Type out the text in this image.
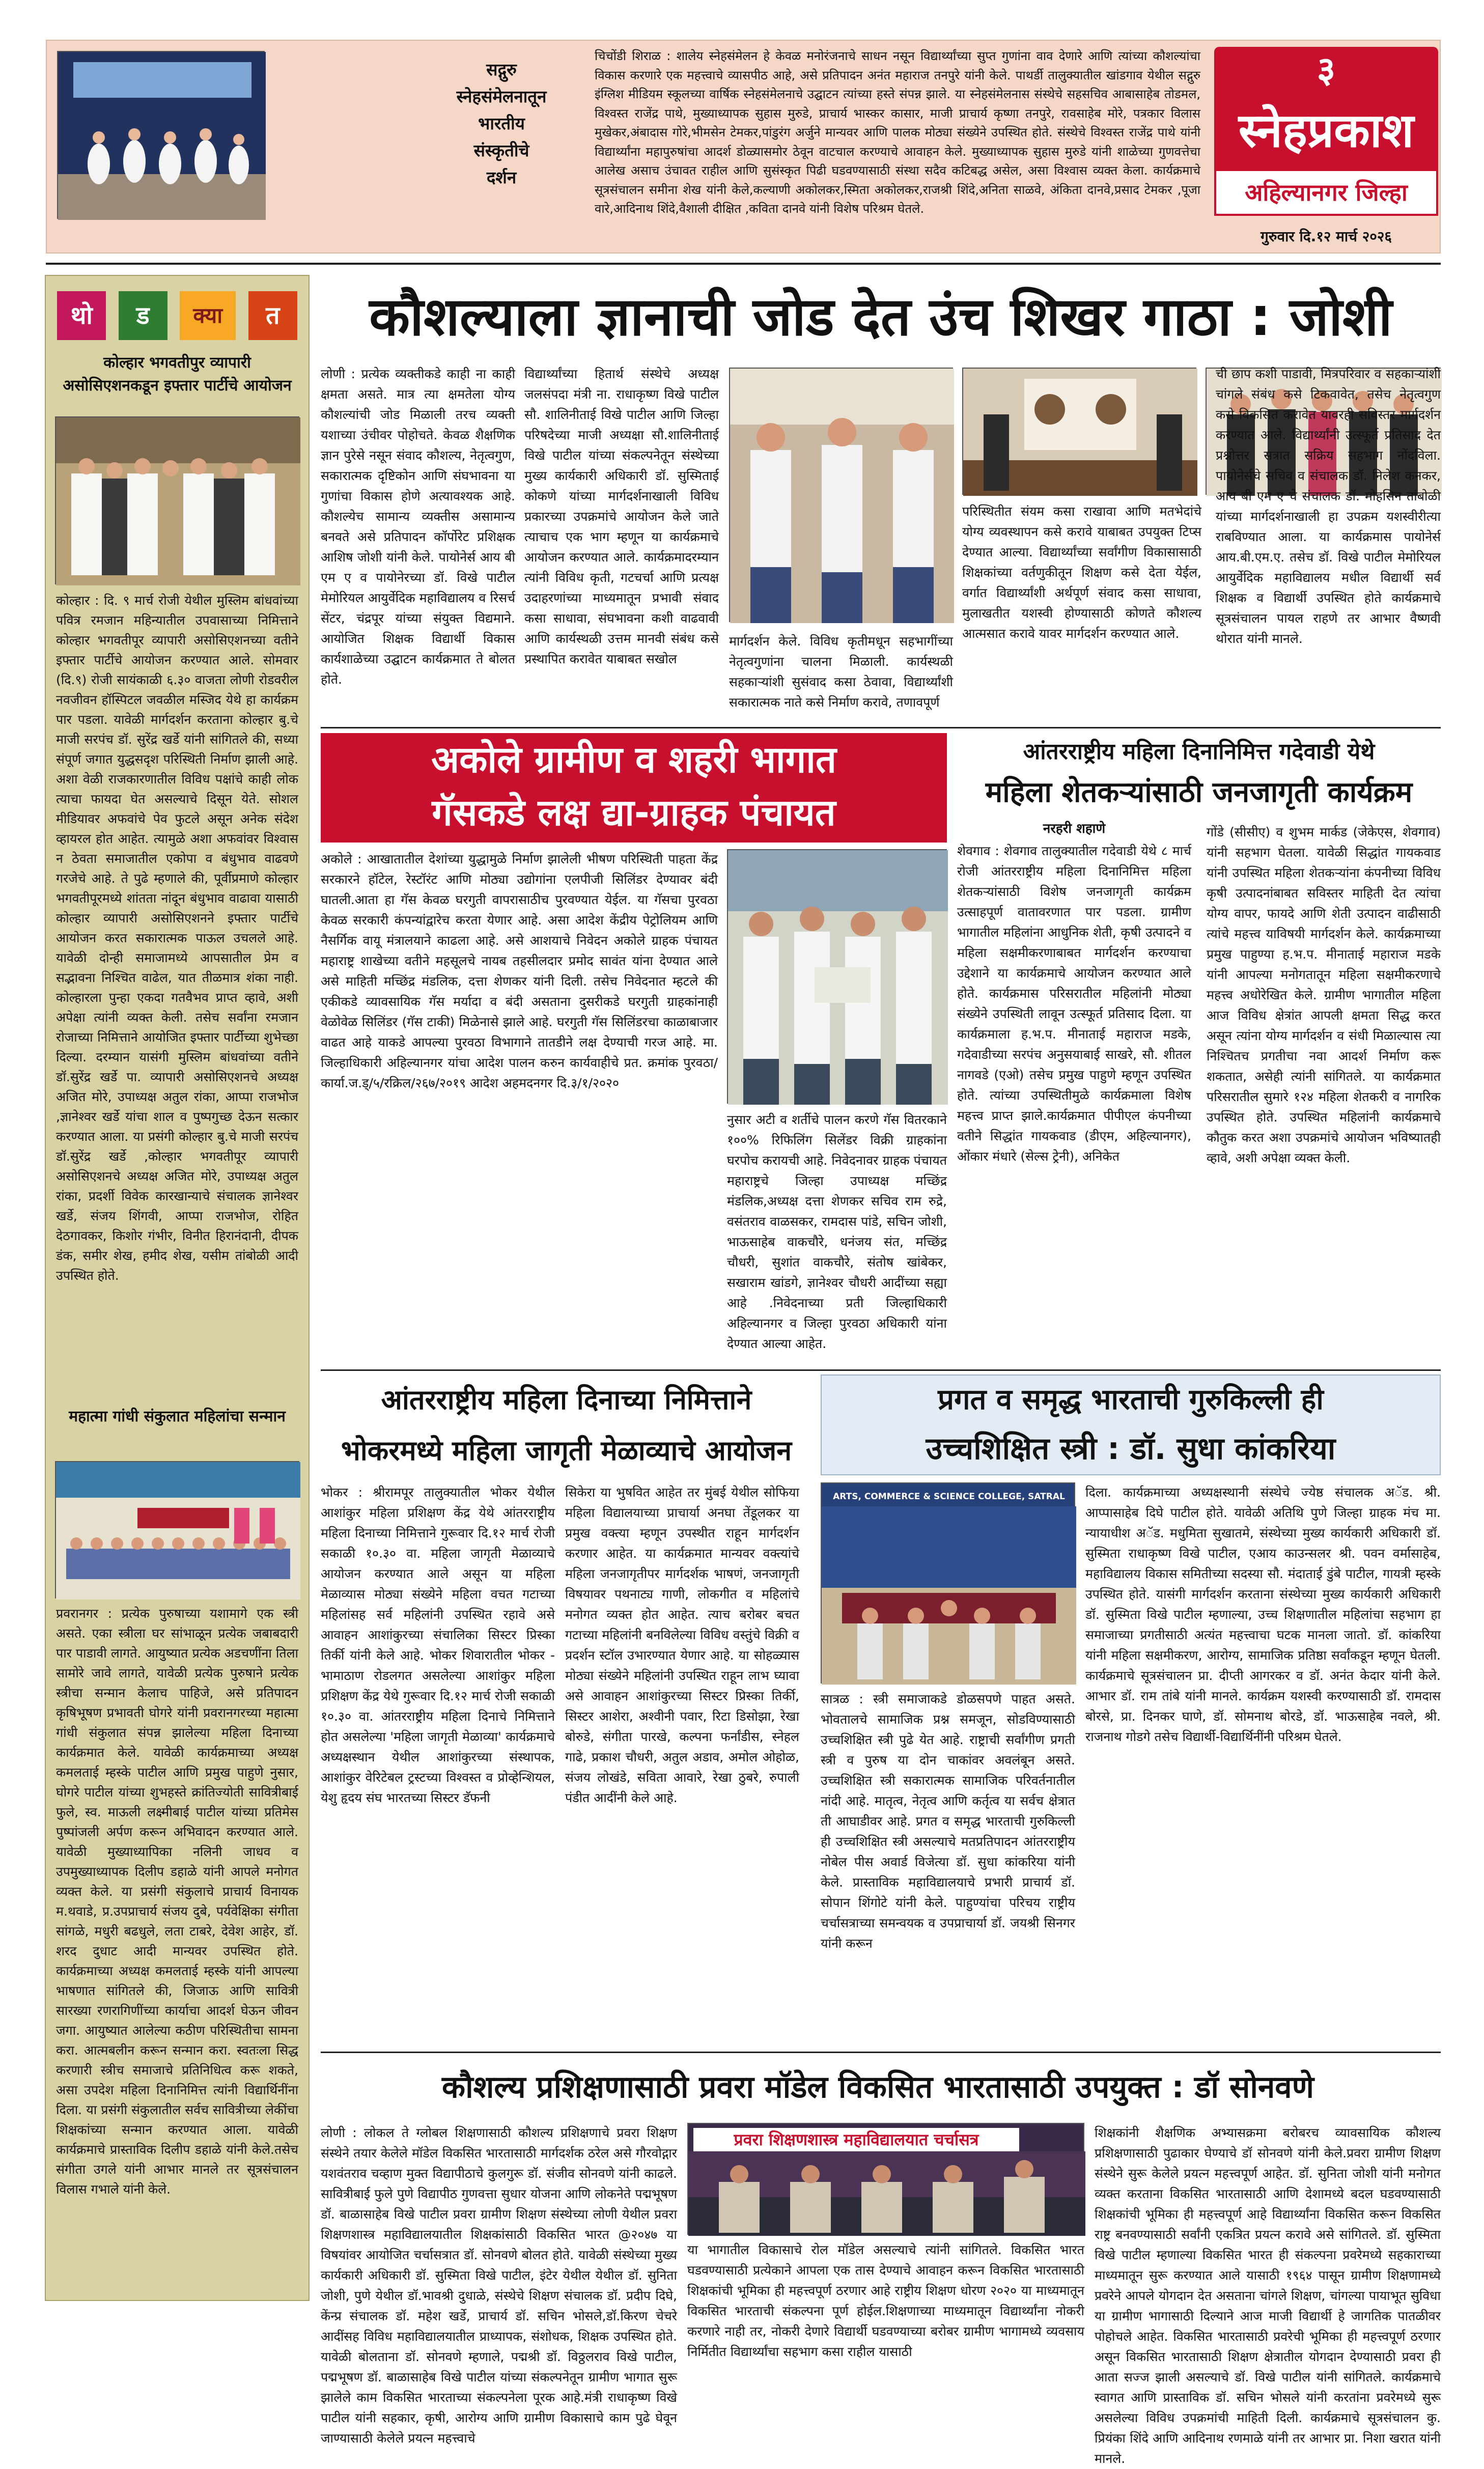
सद्गुरु
स्नेहसंमेलनातून
भारतीय
संस्कृतीचे
दर्शन
चिचोंडी शिराळ : शालेय स्नेहसंमेलन हे केवळ मनोरंजनाचे साधन नसून विद्यार्थ्यांच्या सुप्त गुणांना वाव देणारे आणि त्यांच्या कौशल्यांचा विकास करणारे एक महत्त्वाचे व्यासपीठ आहे, असे प्रतिपादन अनंत महाराज तनपुरे यांनी केले. पाथर्डी तालुक्यातील खांडगाव येथील सद्गुरु इंग्लिश मीडियम स्कूलच्या वार्षिक स्नेहसंमेलनाचे उद्घाटन त्यांच्या हस्ते संपन्न झाले. या स्नेहसंमेलनास संस्थेचे सहसचिव आबासाहेब तोडमल, विश्वस्त राजेंद्र पाथे, मुख्याध्यापक सुहास मुरुडे, प्राचार्य भास्कर कासार, माजी प्राचार्य कृष्णा तनपुरे, रावसाहेब मोरे, पत्रकार विलास मुखेकर,अंबादास गोरे,भीमसेन टेमकर,पांडुरंग अर्जुने मान्यवर आणि पालक मोठ्या संख्येने उपस्थित होते. संस्थेचे विश्वस्त राजेंद्र पाथे यांनी विद्यार्थ्यांना महापुरुषांचा आदर्श डोळ्यासमोर ठेवून वाटचाल करण्याचे आवाहन केले. मुख्याध्यापक सुहास मुरुडे यांनी शाळेच्या गुणवत्तेचा आलेख असाच उंचावत राहील आणि सुसंस्कृत पिढी घडवण्यासाठी संस्था सदैव कटिबद्ध असेल, असा विश्वास व्यक्त केला. कार्यक्रमाचे सूत्रसंचालन समीना शेख यांनी केले,कल्याणी अकोलकर,स्मिता अकोलकर,राजश्री शिंदे,अनिता साळवे, अंकिता दानवे,प्रसाद टेमकर ,पूजा वारे,आदिनाथ शिंदे,वैशाली दीक्षित ,कविता दानवे यांनी विशेष परिश्रम घेतले.
३
स्नेहप्रकाश
अहिल्यानगर जिल्हा
गुरुवार दि.१२ मार्च २०२६
थो	ड	क्या	त
कोल्हार भगवतीपुर व्यापारी असोसिएशनकडून इफ्तार पार्टीचे आयोजन
कोल्हार : दि. ९ मार्च रोजी येथील मुस्लिम बांधवांच्या पवित्र रमजान महिन्यातील उपवासाच्या निमित्ताने कोल्हार भगवतीपूर व्यापारी असोसिएशनच्या वतीने इफ्तार पार्टीचे आयोजन करण्यात आले. सोमवार (दि.९) रोजी सायंकाळी ६.३० वाजता लोणी रोडवरील नवजीवन हॉस्पिटल जवळील मस्जिद येथे हा कार्यक्रम पार पडला. यावेळी मार्गदर्शन करताना कोल्हार बु.चे माजी सरपंच डॉ. सुरेंद्र खर्डे यांनी सांगितले की, सध्या संपूर्ण जगात युद्धसदृश परिस्थिती निर्माण झाली आहे. अशा वेळी राजकारणातील विविध पक्षांचे काही लोक त्याचा फायदा घेत असल्याचे दिसून येते. सोशल मीडियावर अफवांचे पेव फुटले असून अनेक संदेश व्हायरल होत आहेत. त्यामुळे अशा अफवांवर विश्वास न ठेवता समाजातील एकोपा व बंधुभाव वाढवणे गरजेचे आहे. ते पुढे म्हणाले की, पूर्वीप्रमाणे कोल्हार भगवतीपूरमध्ये शांतता नांदून बंधुभाव वाढावा यासाठी कोल्हार व्यापारी असोसिएशनने इफ्तार पार्टीचे आयोजन करत सकारात्मक पाऊल उचलले आहे. यावेळी दोन्ही समाजामध्ये आपसातील प्रेम व सद्भावना निश्चित वाढेल, यात तीळमात्र शंका नाही. कोल्हारला पुन्हा एकदा गतवैभव प्राप्त व्हावे, अशी अपेक्षा त्यांनी व्यक्त केली. तसेच सर्वांना रमजान रोजाच्या निमित्ताने आयोजित इफ्तार पार्टीच्या शुभेच्छा दिल्या. दरम्यान यासंगी मुस्लिम बांधवांच्या वतीने डॉ.सुरेंद्र खर्डे पा. व्यापारी असोसिएशनचे अध्यक्ष अजित मोरे, उपाध्यक्ष अतुल रांका, आप्पा राजभोज ,ज्ञानेश्वर खर्डे यांचा शाल व पुष्पगुच्छ देऊन सत्कार करण्यात आला. या प्रसंगी कोल्हार बु.चे माजी सरपंच डॉ.सुरेंद्र खर्डे ,कोल्हार भगवतीपूर व्यापारी असोसिएशनचे अध्यक्ष अजित मोरे, उपाध्यक्ष अतुल रांका, प्रदर्शी विवेक कारखान्याचे संचालक ज्ञानेश्वर खर्डे, संजय शिंगवी, आप्पा राजभोज, रोहित देठगावकर, किशोर गंभीर, विनीत हिरानंदानी, दीपक डंक, समीर शेख, हमीद शेख, यसीम तांबोळी आदी उपस्थित होते.
महात्मा गांधी संकुलात महिलांचा सन्मान
प्रवरानगर : प्रत्येक पुरुषाच्या यशामागे एक स्त्री असते. एका स्त्रीला घर सांभाळून प्रत्येक जबाबदारी पार पाडावी लागते. आयुष्यात प्रत्येक अडचणींना तिला सामोरे जावे लागते, यावेळी प्रत्येक पुरुषाने प्रत्येक स्त्रीचा सन्मान केलाच पाहिजे, असे प्रतिपादन कृषिभूषण प्रभावती घोगरे यांनी प्रवरानगरच्या महात्मा गांधी संकुलात संपन्न झालेल्या महिला दिनाच्या कार्यक्रमात केले. यावेळी कार्यक्रमाच्या अध्यक्ष कमलताई म्हस्के पाटील आणि प्रमुख पाहुणे नुसार, घोगरे पाटील यांच्या शुभहस्ते क्रांतिज्योती सावित्रीबाई फुले, स्व. माऊली लक्ष्मीबाई पाटील यांच्या प्रतिमेस पुष्पांजली अर्पण करून अभिवादन करण्यात आले. यावेळी मुख्याध्यापिका नलिनी जाधव व उपमुख्याध्यापक दिलीप डहाळे यांनी आपले मनोगत व्यक्त केले. या प्रसंगी संकुलाचे प्राचार्य विनायक म.थवाडे, प्र.उपप्राचार्य संजय दुबे, पर्यवेक्षिका संगीता सांगळे, मधुरी बढधुले, लता टाबरे, देवेश आहेर, डॉ. शरद दुधाट आदी मान्यवर उपस्थित होते. कार्यक्रमाच्या अध्यक्ष कमलताई म्हस्के यांनी आपल्या भाषणात सांगितले की, जिजाऊ आणि सावित्री सारख्या रणरागिणींच्या कार्याचा आदर्श घेऊन जीवन जगा. आयुष्यात आलेल्या कठीण परिस्थितीचा सामना करा. आत्मबलीन करून सन्मान करा. स्वतःला सिद्ध करणारी स्त्रीच समाजाचे प्रतिनिधित्व करू शकते, असा उपदेश महिला दिनानिमित्त त्यांनी विद्यार्थिनींना दिला. या प्रसंगी संकुलातील सर्वच सावित्रीच्या लेकींचा शिक्षकांच्या सन्मान करण्यात आला. यावेळी कार्यक्रमाचे प्रास्ताविक दिलीप डहाळे यांनी केले.तसेच संगीता उगले यांनी आभार मानले तर सूत्रसंचालन विलास गभाले यांनी केले.
कौशल्याला ज्ञानाची जोड देत उंच शिखर गाठा : जोशी

लोणी : प्रत्येक व्यक्तीकडे काही ना काही क्षमता असते. मात्र त्या क्षमतेला योग्य कौशल्यांची जोड मिळाली तरच व्यक्ती यशाच्या उंचीवर पोहोचते. केवळ शैक्षणिक ज्ञान पुरेसे नसून संवाद कौशल्य, नेतृत्वगुण, सकारात्मक दृष्टिकोन आणि संघभावना या गुणांचा विकास होणे अत्यावश्यक आहे. कौशल्येच सामान्य व्यक्तीस असामान्य बनवते असे प्रतिपादन कॉर्पोरेट प्रशिक्षक आशिष जोशी यांनी केले. पायोनेर्स आय बी एम ए व पायोनेरच्या डॉ. विखे पाटील मेमोरियल आयुर्वेदिक महाविद्यालय व रिसर्च सेंटर, चंद्रपूर यांच्या संयुक्त विद्यमाने. आयोजित शिक्षक विद्यार्थी विकास कार्यशाळेच्या उद्घाटन कार्यक्रमात ते बोलत होते.

विद्यार्थ्यांच्या हितार्थ संस्थेचे अध्यक्ष जलसंपदा मंत्री ना. राधाकृष्ण विखे पाटील सौ. शालिनीताई विखे पाटील आणि जिल्हा परिषदेच्या माजी अध्यक्षा सौ.शालिनीताई विखे पाटील यांच्या संकल्पनेतून संस्थेच्या मुख्य कार्यकारी अधिकारी डॉ. सुस्मिताई कोकणे यांच्या मार्गदर्शनाखाली विविध प्रकारच्या उपक्रमांचे आयोजन केले जाते त्याचाच एक भाग म्हणून या कार्यक्रमाचे आयोजन करण्यात आले. कार्यक्रमादरम्यान त्यांनी विविध कृती, गटचर्चा आणि प्रत्यक्ष उदाहरणांच्या माध्यमातून प्रभावी संवाद कसा साधावा, संघभावना कशी वाढवावी आणि कार्यस्थळी उत्तम मानवी संबंध कसे प्रस्थापित करावेत याबाबत सखोल

मार्गदर्शन केले. विविध कृतीमधून सहभागींच्या नेतृत्वगुणांना चालना मिळाली. कार्यस्थळी सहकाऱ्यांशी सुसंवाद कसा ठेवावा, विद्यार्थ्यांशी सकारात्मक नाते कसे निर्माण करावे, तणावपूर्ण

परिस्थितीत संयम कसा राखावा आणि मतभेदांचे योग्य व्यवस्थापन कसे करावे याबाबत उपयुक्त टिप्स देण्यात आल्या. विद्यार्थ्यांच्या सर्वांगीण विकासासाठी शिक्षकांच्या वर्तणुकीतून शिक्षण कसे देता येईल, वर्गात विद्यार्थ्यांशी अर्थपूर्ण संवाद कसा साधावा, मुलाखतीत यशस्वी होण्यासाठी कोणते कौशल्य आत्मसात करावे यावर मार्गदर्शन करण्यात आले.

ची छाप कशी पाडावी, मित्रपरिवार व सहकाऱ्यांशी चांगले संबंध कसे टिकवावेत, तसेच नेतृत्वगुण कसे विकसित करावेत यावरही सविस्तर मार्गदर्शन करण्यात आले. विद्यार्थ्यांनी उत्स्फूर्त प्रतिसाद देत प्रश्नोत्तर सत्रात सक्रिय सहभाग नोंदविला. पायोनेर्सचे सचिव व संचालक डॉ. निलेश कनकर, आय बी एम ए चे संचालक डॉ. मोहसिन तांबोळी यांच्या मार्गदर्शनाखाली हा उपक्रम यशस्वीरीत्या राबविण्यात आला. या कार्यक्रमास पायोनेर्स आय.बी.एम.ए. तसेच डॉ. विखे पाटील मेमोरियल आयुर्वेदिक महाविद्यालय मधील विद्यार्थी सर्व शिक्षक व विद्यार्थी उपस्थित होते कार्यक्रमाचे सूत्रसंचालन पायल राहणे तर आभार वैष्णवी थोरात यांनी मानले.

अकोले ग्रामीण व शहरी भागात
गॅसकडे लक्ष द्या-ग्राहक पंचायत

अकोले : आखातातील देशांच्या युद्धामुळे निर्माण झालेली भीषण परिस्थिती पाहता केंद्र सरकारने हॉटेल, रेस्टॉरंट आणि मोठ्या उद्योगांना एलपीजी सिलिंडर देण्यावर बंदी घातली.आता हा गॅस केवळ घरगुती वापरासाठीच पुरवण्यात येईल. या गॅसचा पुरवठा केवळ सरकारी कंपन्यांद्वारेच करता येणार आहे. असा आदेश केंद्रीय पेट्रोलियम आणि नैसर्गिक वायू मंत्रालयाने काढला आहे. असे आशयाचे निवेदन अकोले ग्राहक पंचायत महाराष्ट्र शाखेच्या वतीने महसूलचे नायब तहसीलदार प्रमोद सावंत यांना देण्यात आले असे माहिती मच्छिंद्र मंडलिक, दत्ता शेणकर यांनी दिली. तसेच निवेदनात म्हटले की एकीकडे व्यावसायिक गॅस मर्यादा व बंदी असताना दुसरीकडे घरगुती ग्राहकांनाही वेळोवेळ सिलिंडर (गॅस टाकी) मिळेनासे झाले आहे. घरगुती गॅस सिलिंडरचा काळाबाजार वाढत आहे याकडे आपल्या पुरवठा विभागाने तातडीने लक्ष देण्याची गरज आहे. मा. जिल्हाधिकारी अहिल्यानगर यांचा आदेश पालन करुन कार्यवाहीचे प्रत. क्रमांक पुरवठा/कार्या.ज.ड्/५/रक्रिल/२६७/२०१९ आदेश अहमदनगर दि.३/१/२०२०

नुसार अटी व शर्तीचे पालन करणे गॅस वितरकाने १००% रिफिलिंग सिलेंडर विक्री ग्राहकांना घरपोच करायची आहे. निवेदनावर ग्राहक पंचायत महाराष्ट्रचे जिल्हा उपाध्यक्ष मच्छिंद्र मंडलिक,अध्यक्ष दत्ता शेणकर सचिव राम रुद्रे, वसंतराव वाळसकर, रामदास पांडे, सचिन जोशी, भाऊसाहेब वाकचौरे, धनंजय संत, मच्छिंद्र चौधरी, सुशांत वाकचौरे, संतोष खांबेकर, सखाराम खांडगे, ज्ञानेश्वर चौधरी आदींच्या सह्या आहे .निवेदनाच्या प्रती जिल्हाधिकारी अहिल्यानगर व जिल्हा पुरवठा अधिकारी यांना देण्यात आल्या आहेत.

आंतरराष्ट्रीय महिला दिनानिमित्त गदेवाडी येथे
महिला शेतकऱ्यांसाठी जनजागृती कार्यक्रम
नरहरी शहाणे

शेवगाव : शेवगाव तालुक्यातील गदेवाडी येथे ८ मार्च रोजी आंतरराष्ट्रीय महिला दिनानिमित्त महिला शेतकऱ्यांसाठी विशेष जनजागृती कार्यक्रम उत्साहपूर्ण वातावरणात पार पडला. ग्रामीण भागातील महिलांना आधुनिक शेती, कृषी उत्पादने व महिला सक्षमीकरणाबाबत मार्गदर्शन करण्याचा उद्देशाने या कार्यक्रमाचे आयोजन करण्यात आले होते. कार्यक्रमास परिसरातील महिलांनी मोठ्या संख्येने उपस्थिती लावून उत्स्फूर्त प्रतिसाद दिला. या कार्यक्रमाला ह.भ.प. मीनाताई महाराज मडके, गदेवाडीच्या सरपंच अनुसयाबाई साखरे, सौ. शीतल नागवडे (एओ) तसेच प्रमुख पाहुणे म्हणून उपस्थित होते. त्यांच्या उपस्थितीमुळे कार्यक्रमाला विशेष महत्त्व प्राप्त झाले.कार्यक्रमात पीपीएल कंपनीच्या वतीने सिद्धांत गायकवाड (डीएम, अहिल्यानगर), ओंकार मंधारे (सेल्स ट्रेनी), अनिकेत

गोंडे (सीसीए) व शुभम मार्कड (जेकेएस, शेवगाव) यांनी सहभाग घेतला. यावेळी सिद्धांत गायकवाड यांनी उपस्थित महिला शेतकऱ्यांना कंपनीच्या विविध कृषी उत्पादनांबाबत सविस्तर माहिती देत त्यांचा योग्य वापर, फायदे आणि शेती उत्पादन वाढीसाठी त्यांचे महत्त्व याविषयी मार्गदर्शन केले. कार्यक्रमाच्या प्रमुख पाहुण्या ह.भ.प. मीनाताई महाराज मडके यांनी आपल्या मनोगतातून महिला सक्षमीकरणाचे महत्त्व अधोरेखित केले. ग्रामीण भागातील महिला आज विविध क्षेत्रांत आपली क्षमता सिद्ध करत असून त्यांना योग्य मार्गदर्शन व संधी मिळाल्यास त्या निश्चितच प्रगतीचा नवा आदर्श निर्माण करू शकतात, असेही त्यांनी सांगितले. या कार्यक्रमात परिसरातील सुमारे १२४ महिला शेतकरी व नागरिक उपस्थित होते. उपस्थित महिलांनी कार्यक्रमाचे कौतुक करत अशा उपक्रमांचे आयोजन भविष्यातही व्हावे, अशी अपेक्षा व्यक्त केली.

आंतरराष्ट्रीय महिला दिनाच्या निमित्ताने
भोकरमध्ये महिला जागृती मेळाव्याचे आयोजन

भोकर : श्रीरामपूर तालुक्यातील भोकर येथील आशांकुर महिला प्रशिक्षण केंद्र येथे आंतरराष्ट्रीय महिला दिनाच्या निमित्ताने गुरूवार दि.१२ मार्च रोजी सकाळी १०.३० वा. महिला जागृती मेळाव्याचे आयोजन करण्यात आले असून या महिला मेळाव्यास मोठ्या संख्येने महिला वचत गटाच्या महिलांसह सर्व महिलांनी उपस्थित रहावे असे आवाहन आशांकुरच्या संचालिका सिस्टर प्रिस्का तिर्की यांनी केले आहे. भोकर शिवारातील भोकर - भामाठाण रोडलगत असलेल्या आशांकुर महिला प्रशिक्षण केंद्र येथे गुरूवार दि.१२ मार्च रोजी सकाळी १०.३० वा. आंतरराष्ट्रीय महिला दिनाचे निमित्ताने होत असलेल्या 'महिला जागृती मेळाव्या' कार्यक्रमाचे अध्यक्षस्थान येथील आशांकुरच्या संस्थापक, आशांकुर वेरिटेबल ट्रस्टच्या विश्वस्त व प्रोव्हेन्शियल, येशु हृदय संघ भारतच्या सिस्टर डॅफनी

सिकेरा या भुषवित आहेत तर मुंबई येथील सोफिया महिला विद्यालयाच्या प्राचार्या अनघा तेंडूलकर या प्रमुख वक्त्या म्हणून उपस्थीत राहून मार्गदर्शन करणार आहेत. या कार्यक्रमात मान्यवर वक्त्यांचे महिला जनजागृतीपर मार्गदर्शक भाषणं, जनजागृती विषयावर पथनाट्य गाणी, लोकगीत व महिलांचे मनोगत व्यक्त होत आहेत. त्याच बरोबर बचत गटाच्या महिलांनी बनविलेल्या विविध वस्तुंचे विक्री व प्रदर्शन स्टॉल उभारण्यात येणार आहे. या सोहळ्यास मोठ्या संख्येने महिलांनी उपस्थित राहून लाभ घ्यावा असे आवाहन आशांकुरच्या सिस्टर प्रिस्का तिर्की, सिस्टर आशेरा, अश्वीनी पवार, रिटा डिसोझा, रेखा बोरुडे, संगीता पारखे, कल्पना फर्नांडीस, स्नेहल गाढे, प्रकाश चौधरी, अतुल अडाव, अमोल ओहोळ, संजय लोखंडे, सविता आवारे, रेखा ठुबरे, रुपाली पंडीत आदींनी केले आहे.

प्रगत व समृद्ध भारताची गुरुकिल्ली ही
उच्चशिक्षित स्त्री : डॉ. सुधा कांकरिया
ARTS, COMMERCE & SCIENCE COLLEGE, SATRAL

सात्रळ : स्त्री समाजाकडे डोळसपणे पाहत असते. भोवतालचे सामाजिक प्रश्न समजून, सोडविण्यासाठी उच्चशिक्षित स्त्री पुढे येत आहे. राष्ट्राची सर्वांगीण प्रगती स्त्री व पुरुष या दोन चाकांवर अवलंबून असते. उच्चशिक्षित स्त्री सकारात्मक सामाजिक परिवर्तनातील नांदी आहे. मातृत्व, नेतृत्व आणि कर्तृत्व या सर्वच क्षेत्रात ती आघाडीवर आहे. प्रगत व समृद्ध भारताची गुरुकिल्ली ही उच्चशिक्षित स्त्री असल्याचे मतप्रतिपादन आंतरराष्ट्रीय नोबेल पीस अवार्ड विजेत्या डॉ. सुधा कांकरिया यांनी केले. प्रास्ताविक महाविद्यालयाचे प्रभारी प्राचार्य डॉ. सोपान शिंगोटे यांनी केले. पाहुण्यांचा परिचय राष्ट्रीय चर्चासत्राच्या समन्वयक व उपप्राचार्या डॉ. जयश्री सिनगर यांनी करून

दिला. कार्यक्रमाच्या अध्यक्षस्थानी संस्थेचे ज्येष्ठ संचालक अॅड. श्री. आप्पासाहेब दिघे पाटील होते. यावेळी अतिथि पुणे जिल्हा ग्राहक मंच मा. न्यायाधीश अॅड. मधुमिता सुखातमे, संस्थेच्या मुख्य कार्यकारी अधिकारी डॉ. सुस्मिता राधाकृष्ण विखे पाटील, एआय काउन्सलर श्री. पवन वर्मासाहेब, महाविद्यालय विकास समितीच्या सदस्या सौ. मंदाताई डुंबे पाटील, गायत्री म्हस्के उपस्थित होते. यासंगी मार्गदर्शन करताना संस्थेच्या मुख्य कार्यकारी अधिकारी डॉ. सुस्मिता विखे पाटील म्हणाल्या, उच्च शिक्षणातील महिलांचा सहभाग हा समाजाच्या प्रगतीसाठी अत्यंत महत्त्वाचा घटक मानला जातो. डॉ. कांकरिया यांनी महिला सक्षमीकरण, आरोग्य, सामाजिक प्रतिष्ठा सर्वांकडून म्हणून घेतली. कार्यक्रमाचे सूत्रसंचालन प्रा. दीप्ती आगरकर व डॉ. अनंत केदार यांनी केले. आभार डॉ. राम तांबे यांनी मानले. कार्यक्रम यशस्वी करण्यासाठी डॉ. रामदास बोरसे, प्रा. दिनकर घाणे, डॉ. सोमनाथ बोरडे, डॉ. भाऊसाहेब नवले, श्री. राजनाथ गोडगे तसेच विद्यार्थी-विद्यार्थिनींनी परिश्रम घेतले.

कौशल्य प्रशिक्षणासाठी प्रवरा मॉडेल विकसित भारतासाठी उपयुक्त : डॉ सोनवणे

लोणी : लोकल ते ग्लोबल शिक्षणासाठी कौशल्य प्रशिक्षणाचे प्रवरा शिक्षण संस्थेने तयार केलेले मॉडेल विकसित भारतासाठी मार्गदर्शक ठरेल असे गौरवोद्गार यशवंतराव चव्हाण मुक्त विद्यापीठाचे कुलगुरू डॉ. संजीव सोनवणे यांनी काढले. सावित्रीबाई फुले पुणे विद्यापीठ गुणवत्ता सुधार योजना आणि लोकनेते पद्मभूषण डॉ. बाळासाहेब विखे पाटील प्रवरा ग्रामीण शिक्षण संस्थेच्या लोणी येथील प्रवरा शिक्षणशास्त्र महाविद्यालयातील शिक्षकांसाठी विकसित भारत @२०४७ या विषयांवर आयोजित चर्चासत्रात डॉ. सोनवणे बोलत होते. यावेळी संस्थेच्या मुख्य कार्यकारी अधिकारी डॉ. सुस्मिता विखे पाटील, इंटेर येथील येथील डॉ. सुनिता जोशी, पुणे येथील डॉ.भावश्री दुधाळे, संस्थेचे शिक्षण संचालक डॉ. प्रदीप दिघे, केंन्प्र संचालक डॉ. महेश खर्डे, प्राचार्य डॉ. सचिन भोसले,डॉ.किरण चेचरे आदींसह विविध महाविद्यालयातील प्राध्यापक, संशोधक, शिक्षक उपस्थित होते. यावेळी बोलताना डॉ. सोनवणे म्हणाले, पद्मश्री डॉ. विठ्ठलराव विखे पाटील, पद्मभूषण डॉ. बाळासाहेब विखे पाटील यांच्या संकल्पनेतून ग्रामीण भागात सुरू झालेले काम विकसित भारताच्या संकल्पनेला पूरक आहे.मंत्री राधाकृष्ण विखे पाटील यांनी सहकार, कृषी, आरोग्य आणि ग्रामीण विकासाचे काम पुढे घेवून जाण्यासाठी केलेले प्रयत्न महत्त्वाचे

प्रवरा शिक्षणशास्त्र महाविद्यालयात चर्चासत्र

या भागातील विकासाचे रोल मॉडेल असल्याचे त्यांनी सांगितले. विकसित भारत घडवण्यासाठी प्रत्येकाने आपला एक तास देण्याचे आवाहन करून विकसित भारतासाठी शिक्षकांची भूमिका ही महत्त्वपूर्ण ठरणार आहे राष्ट्रीय शिक्षण धोरण २०२० या माध्यमातून विकसित भारताची संकल्पना पूर्ण होईल.शिक्षणाच्या माध्यमातून विद्यार्थ्यांना नोकरी करणारे नाही तर, नोकरी देणारे विद्यार्थी घडवण्याच्या बरोबर ग्रामीण भागामध्ये व्यवसाय निर्मितीत विद्यार्थ्यांचा सहभाग कसा राहील यासाठी

शिक्षकांनी शैक्षणिक अभ्यासक्रमा बरोबरच व्यावसायिक कौशल्य प्रशिक्षणासाठी पुढाकार घेण्याचे डॉ सोनवणे यांनी केले.प्रवरा ग्रामीण शिक्षण संस्थेने सुरू केलेले प्रयत्न महत्त्वपूर्ण आहेत. डॉ. सुनिता जोशी यांनी मनोगत व्यक्त करताना विकसित भारतासाठी आणि देशामध्ये बदल घडवण्यासाठी शिक्षकांची भूमिका ही महत्त्वपूर्ण आहे विद्यार्थ्यांना विकसित करून विकसित राष्ट्र बनवण्यासाठी सर्वांनी एकत्रित प्रयत्न करावे असे सांगितले. डॉ. सुस्मिता विखे पाटील म्हणाल्या विकसित भारत ही संकल्पना प्रवरेमध्ये सहकाराच्या माध्यमातून सुरू करण्यात आले यासाठी १९६४ पासून ग्रामीण शिक्षणामध्ये प्रवरेने आपले योगदान देत असताना चांगले शिक्षण, चांगल्या पायाभूत सुविधा या ग्रामीण भागासाठी दिल्याने आज माजी विद्यार्थी हे जागतिक पातळीवर पोहोचले आहेत. विकसित भारतासाठी प्रवरेची भूमिका ही महत्त्वपूर्ण ठरणार असून विकसित भारतासाठी शिक्षण क्षेत्रातील योगदान देण्यासाठी प्रवरा ही आता सज्ज झाली असल्याचे डॉ. विखे पाटील यांनी सांगितले. कार्यक्रमाचे स्वागत आणि प्रास्ताविक डॉ. सचिन भोसले यांनी करतांना प्रवरेमध्ये सुरू असलेल्या विविध उपक्रमांची माहिती दिली. कार्यक्रमाचे सूत्रसंचालन कु. प्रियंका शिंदे आणि आदिनाथ रणमाळे यांनी तर आभार प्रा. निशा खरात यांनी मानले.
